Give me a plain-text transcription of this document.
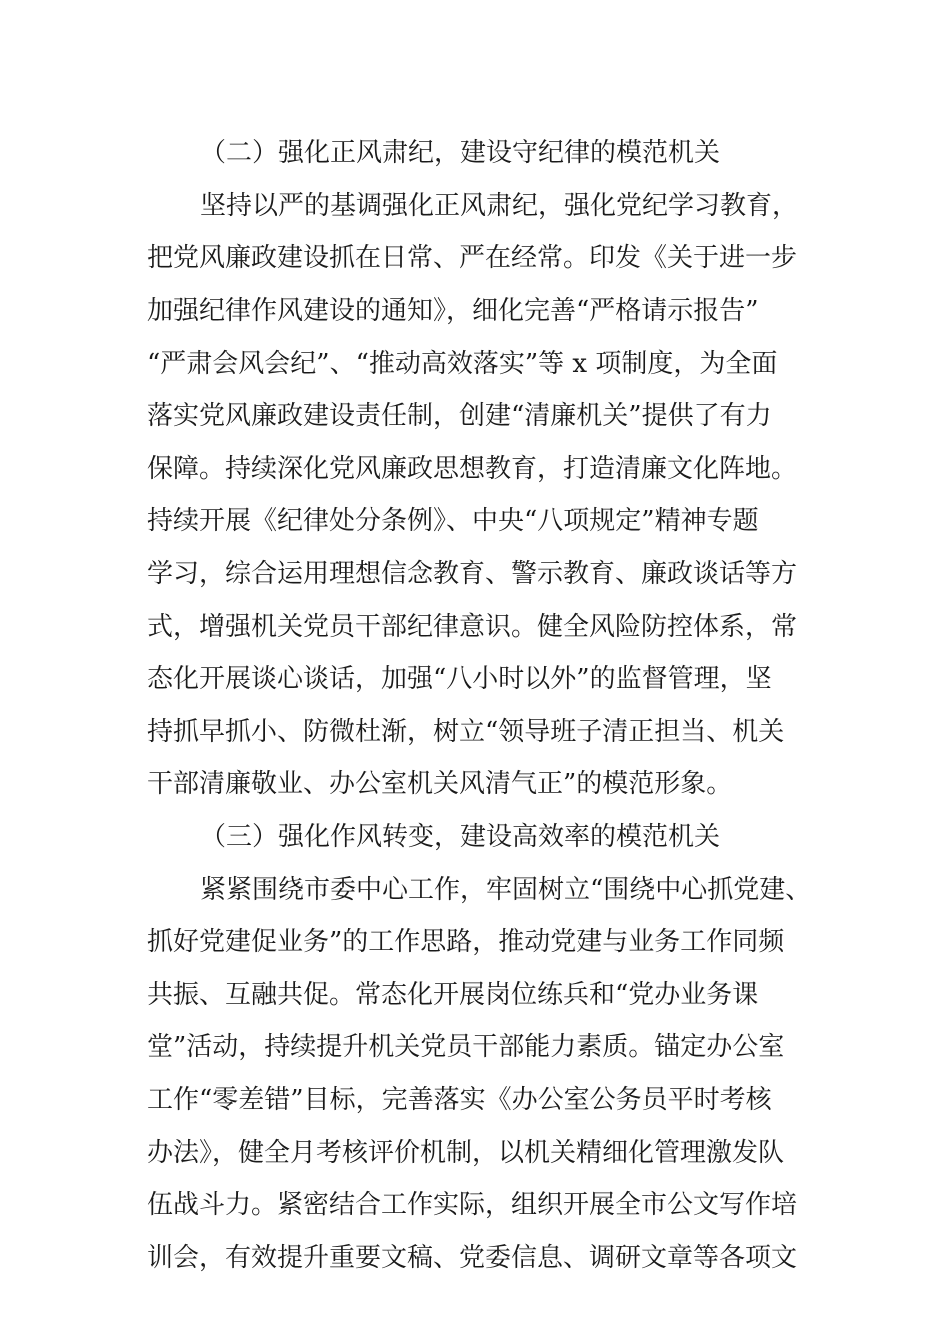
（二）强化正风肃纪，建设守纪律的模范机关
坚持以严的基调强化正风肃纪，强化党纪学习教育，
把党风廉政建设抓在日常、严在经常。印发《关于进一步
加强纪律作风建设的通知》，细化完善“严格请示报告”
“严肃会风会纪”、“推动高效落实”等 x 项制度，为全面
落实党风廉政建设责任制，创建“清廉机关”提供了有力
保障。持续深化党风廉政思想教育，打造清廉文化阵地。
持续开展《纪律处分条例》、中央“八项规定”精神专题
学习，综合运用理想信念教育、警示教育、廉政谈话等方
式，增强机关党员干部纪律意识。健全风险防控体系，常
态化开展谈心谈话，加强“八小时以外”的监督管理，坚
持抓早抓小、防微杜渐，树立“领导班子清正担当、机关
干部清廉敬业、办公室机关风清气正”的模范形象。
（三）强化作风转变，建设高效率的模范机关
紧紧围绕市委中心工作，牢固树立“围绕中心抓党建、
抓好党建促业务”的工作思路，推动党建与业务工作同频
共振、互融共促。常态化开展岗位练兵和“党办业务课
堂”活动，持续提升机关党员干部能力素质。锚定办公室
工作“零差错”目标，完善落实《办公室公务员平时考核
办法》，健全月考核评价机制，以机关精细化管理激发队
伍战斗力。紧密结合工作实际，组织开展全市公文写作培
训会，有效提升重要文稿、党委信息、调研文章等各项文
